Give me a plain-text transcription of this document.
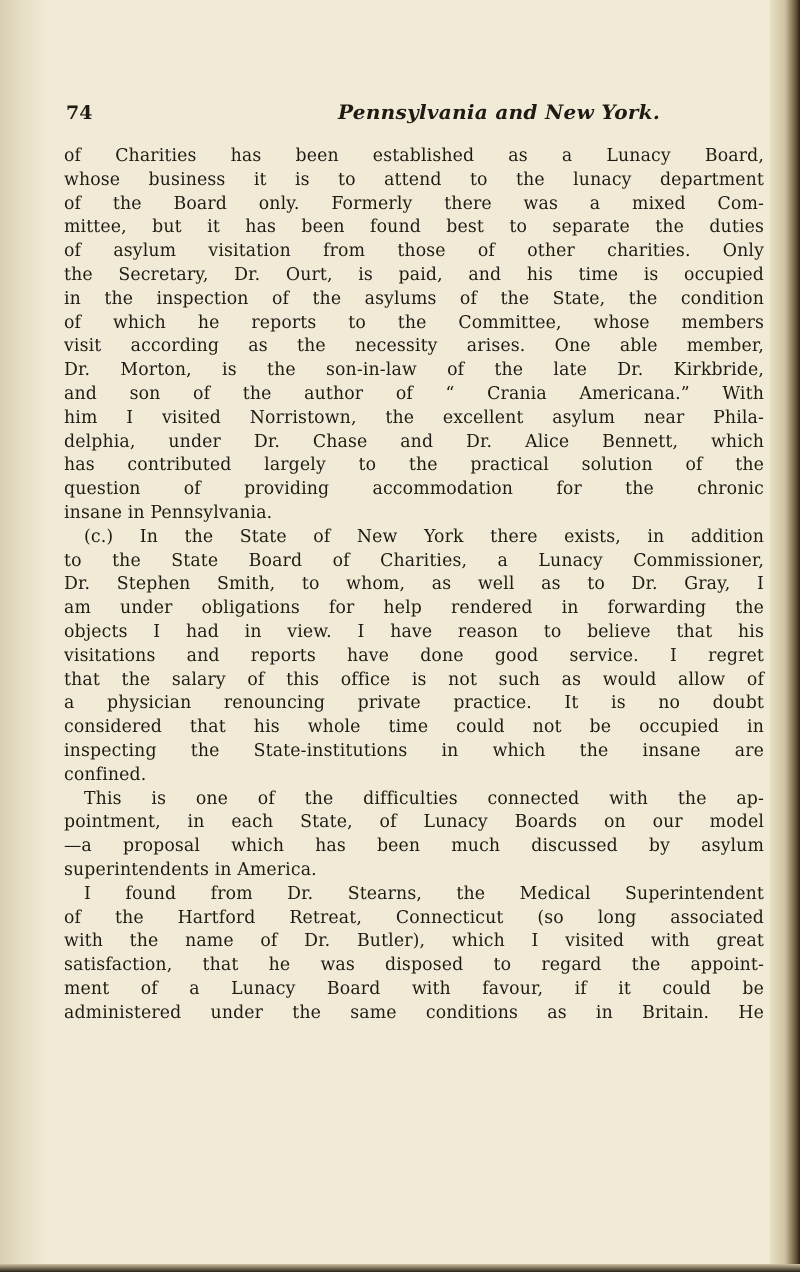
74	Pennsylvania and New York.
of Charities has been established as a Lunacy Board,
whose business it is to attend to the lunacy department
of the Board only. Formerly there was a mixed Com-
mittee, but it has been found best to separate the duties
of asylum visitation from those of other charities. Only
the Secretary, Dr. Ourt, is paid, and his time is occupied
in the inspection of the asylums of the State, the condition
of which he reports to the Committee, whose members
visit according as the necessity arises. One able member,
Dr. Morton, is the son-in-law of the late Dr. Kirkbride,
and son of the author of “ Crania Americana.” With
him I visited Norristown, the excellent asylum near Phila-
delphia, under Dr. Chase and Dr. Alice Bennett, which
has contributed largely to the practical solution of the
question of providing accommodation for the chronic
insane in Pennsylvania.
(c.) In the State of New York there exists, in addition
to the State Board of Charities, a Lunacy Commissioner,
Dr. Stephen Smith, to whom, as well as to Dr. Gray, I
am under obligations for help rendered in forwarding the
objects I had in view. I have reason to believe that his
visitations and reports have done good service. I regret
that the salary of this office is not such as would allow of
a physician renouncing private practice. It is no doubt
considered that his whole time could not be occupied in
inspecting the State-institutions in which the insane are
confined.
This is one of the difficulties connected with the ap-
pointment, in each State, of Lunacy Boards on our model
—a proposal which has been much discussed by asylum
superintendents in America.
I found from Dr. Stearns, the Medical Superintendent
of the Hartford Retreat, Connecticut (so long associated
with the name of Dr. Butler), which I visited with great
satisfaction, that he was disposed to regard the appoint-
ment of a Lunacy Board with favour, if it could be
administered under the same conditions as in Britain. He
